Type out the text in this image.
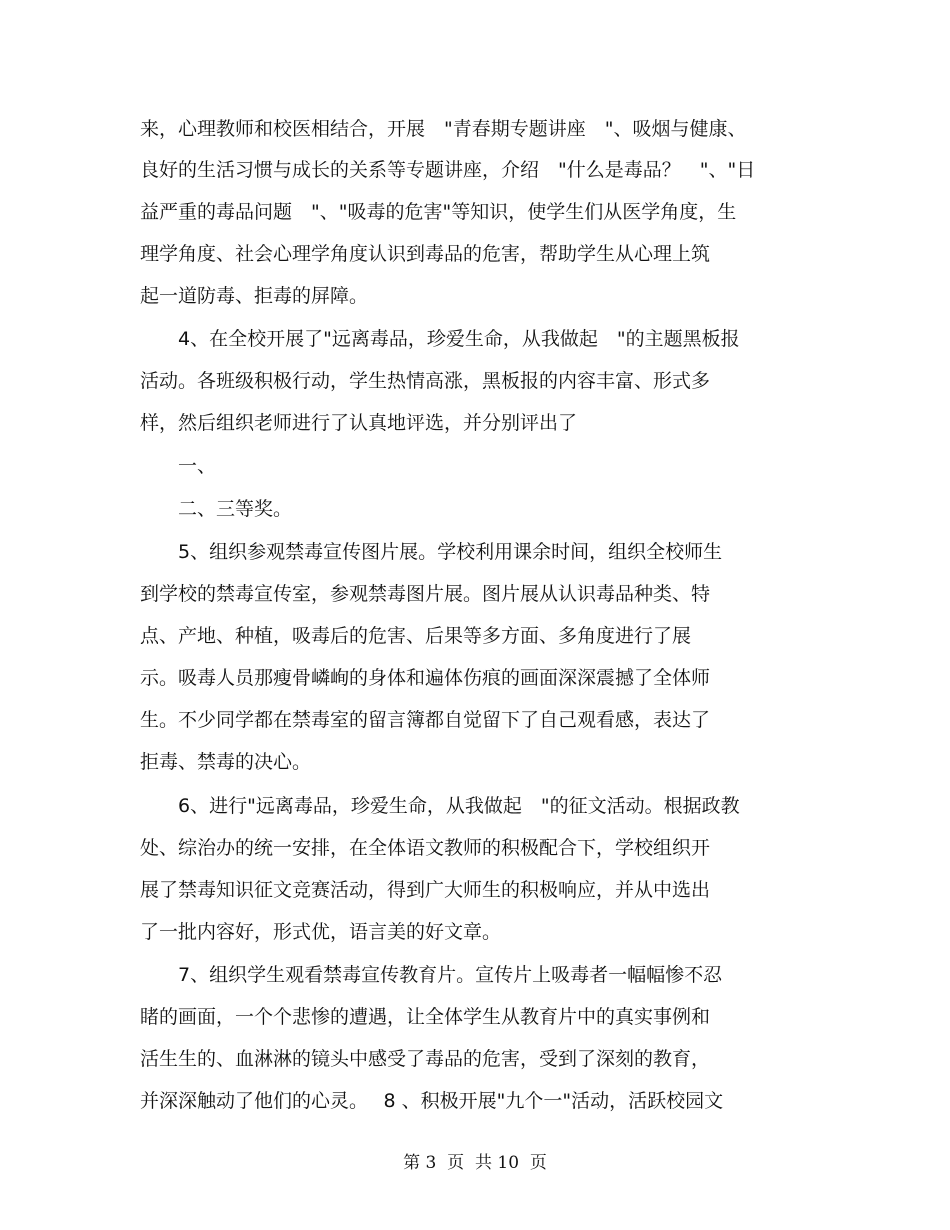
来，心理教师和校医相结合，开展　"青春期专题讲座　"、吸烟与健康、
良好的生活习惯与成长的关系等专题讲座，介绍　"什么是毒品？　"、"日
益严重的毒品问题　"、"吸毒的危害"等知识，使学生们从医学角度，生
理学角度、社会心理学角度认识到毒品的危害，帮助学生从心理上筑
起一道防毒、拒毒的屏障。
　　4、在全校开展了"远离毒品，珍爱生命，从我做起　"的主题黑板报
活动。各班级积极行动，学生热情高涨，黑板报的内容丰富、形式多
样，然后组织老师进行了认真地评选，并分别评出了
　　一、
　　二、三等奖。
　　5、组织参观禁毒宣传图片展。学校利用课余时间，组织全校师生
到学校的禁毒宣传室，参观禁毒图片展。图片展从认识毒品种类、特
点、产地、种植，吸毒后的危害、后果等多方面、多角度进行了展
示。吸毒人员那瘦骨嶙峋的身体和遍体伤痕的画面深深震撼了全体师
生。不少同学都在禁毒室的留言簿都自觉留下了自己观看感，表达了
拒毒、禁毒的决心。
　　6、进行"远离毒品，珍爱生命，从我做起　"的征文活动。根据政教
处、综治办的统一安排，在全体语文教师的积极配合下，学校组织开
展了禁毒知识征文竞赛活动，得到广大师生的积极响应，并从中选出
了一批内容好，形式优，语言美的好文章。
　　7、组织学生观看禁毒宣传教育片。宣传片上吸毒者一幅幅惨不忍
睹的画面，一个个悲惨的遭遇，让全体学生从教育片中的真实事例和
活生生的、血淋淋的镜头中感受了毒品的危害，受到了深刻的教育，
并深深触动了他们的心灵。　 8 、积极开展"九个一"活动，活跃校园文
第 3  页  共 10  页
